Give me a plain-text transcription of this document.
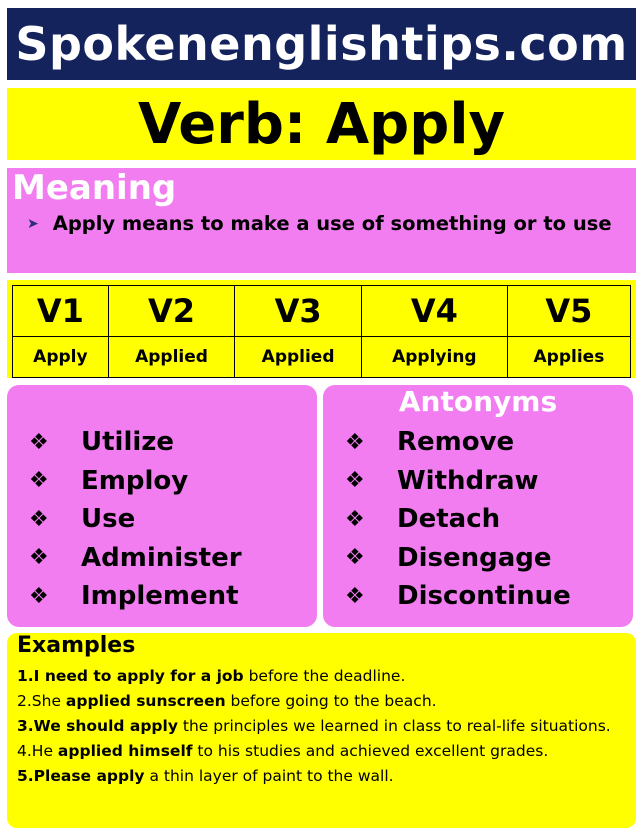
Spokenenglishtips.com
Verb: Apply
Meaning
➤ Apply means to make a use of something or to use
V1	V2	V3	V4	V5
Apply	Applied	Applied	Applying	Applies
❖	Utilize
❖	Employ
❖	Use
❖	Administer
❖	Implement
Antonyms
❖	Remove
❖	Withdraw
❖	Detach
❖	Disengage
❖	Discontinue
Examples
1.I need to apply for a job before the deadline.
2.She applied sunscreen before going to the beach.
3.We should apply the principles we learned in class to real-life situations.
4.He applied himself to his studies and achieved excellent grades.
5.Please apply a thin layer of paint to the wall.
